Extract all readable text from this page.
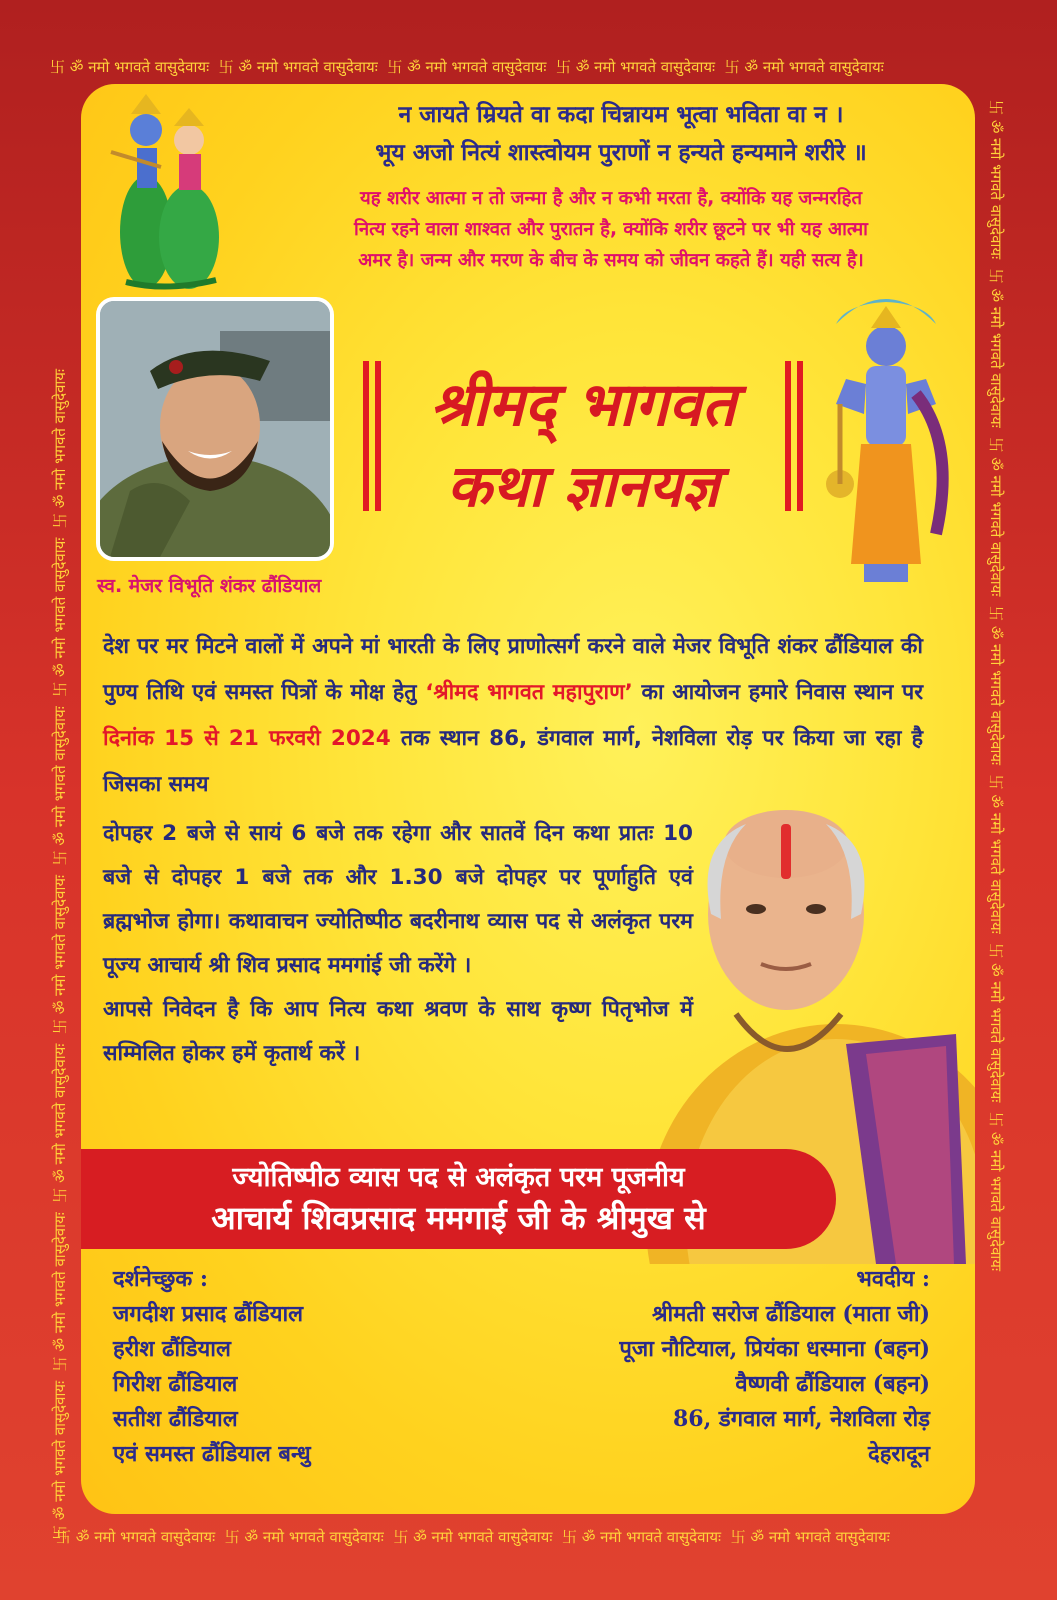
卐 ॐ नमो भगवते वासुदेवायः 卐 ॐ नमो भगवते वासुदेवायः 卐 ॐ नमो भगवते वासुदेवायः 卐 ॐ नमो भगवते वासुदेवायः 卐 ॐ नमो भगवते वासुदेवायः
卐 ॐ नमो भगवते वासुदेवायः 卐 ॐ नमो भगवते वासुदेवायः 卐 ॐ नमो भगवते वासुदेवायः 卐 ॐ नमो भगवते वासुदेवायः 卐 ॐ नमो भगवते वासुदेवायः
卐 ॐ नमो भगवते वासुदेवायः  卐 ॐ नमो भगवते वासुदेवायः  卐 ॐ नमो भगवते वासुदेवायः  卐 ॐ नमो भगवते वासुदेवायः  卐 ॐ नमो भगवते वासुदेवायः  卐 ॐ नमो भगवते वासुदेवायः  卐 ॐ नमो भगवते वासुदेवायः
卐 ॐ नमो भगवते वासुदेवायः  卐 ॐ नमो भगवते वासुदेवायः  卐 ॐ नमो भगवते वासुदेवायः  卐 ॐ नमो भगवते वासुदेवायः  卐 ॐ नमो भगवते वासुदेवायः  卐 ॐ नमो भगवते वासुदेवायः  卐 ॐ नमो भगवते वासुदेवायः
न जायते म्रियते वा कदा चिन्नायम भूत्वा भविता वा न ।
भूय अजो नित्यं शास्त्वोयम पुराणों न हन्यते हन्यमाने शरीरे ॥
यह शरीर आत्मा न तो जन्मा है और न कभी मरता है, क्योंकि यह जन्मरहित
नित्य रहने वाला शाश्वत और पुरातन है, क्योंकि शरीर छूटने पर भी यह आत्मा
अमर है। जन्म और मरण के बीच के समय को जीवन कहते हैं। यही सत्य है।
स्व. मेजर विभूति शंकर ढौंडियाल
श्रीमद् भागवत
कथा ज्ञानयज्ञ
देश पर मर मिटने वालों में अपने मां भारती के लिए प्राणोत्सर्ग करने वाले मेजर विभूति शंकर ढौंडियाल की पुण्य तिथि एवं समस्त पित्रों के मोक्ष हेतु ‘श्रीमद भागवत महापुराण’ का आयोजन हमारे निवास स्थान पर दिनांक 15 से 21 फरवरी 2024 तक स्थान 86, डंगवाल मार्ग, नेशविला रोड़ पर किया जा रहा है जिसका समय
दोपहर 2 बजे से सायं 6 बजे तक रहेगा और सातवें दिन कथा प्रातः 10 बजे से दोपहर 1 बजे तक और 1.30 बजे दोपहर पर पूर्णाहुति एवं ब्रह्मभोज होगा। कथावाचन ज्योतिष्पीठ बदरीनाथ व्यास पद से अलंकृत परम पूज्य आचार्य श्री शिव प्रसाद ममगांई जी करेंगे ।
आपसे निवेदन है कि आप नित्य कथा श्रवण के साथ कृष्ण पितृभोज में सम्मिलित होकर हमें कृतार्थ करें ।
ज्योतिष्पीठ व्यास पद से अलंकृत परम पूजनीय
आचार्य शिवप्रसाद ममगाई जी के श्रीमुख से
दर्शनेच्छुक :
जगदीश प्रसाद ढौंडियाल
हरीश ढौंडियाल
गिरीश ढौंडियाल
सतीश ढौंडियाल
एवं समस्त ढौंडियाल बन्धु
भवदीय :
श्रीमती सरोज ढौंडियाल (माता जी)
पूजा नौटियाल, प्रियंका धस्माना (बहन)
वैष्णवी ढौंडियाल (बहन)
86, डंगवाल मार्ग, नेशविला रोड़
देहरादून
